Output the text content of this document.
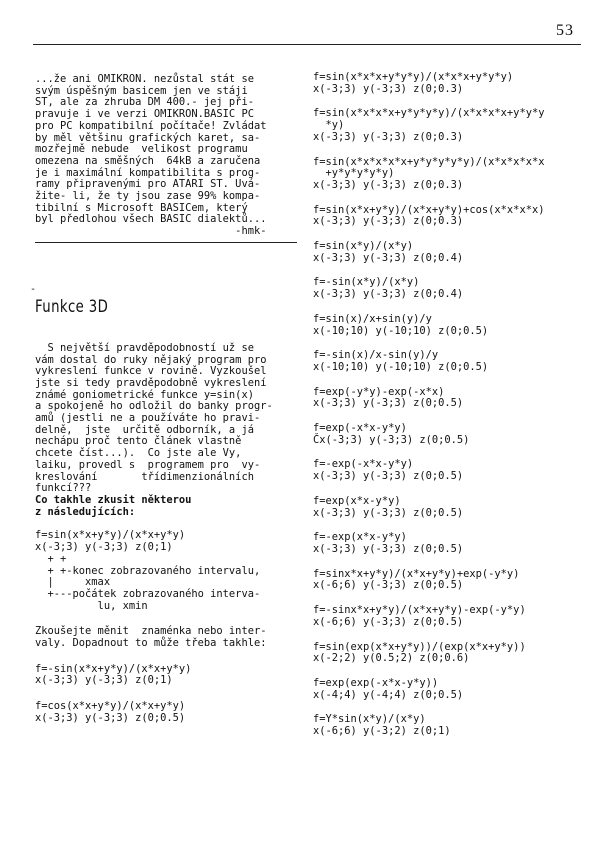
53
...že ani OMIKRON. nezůstal stát se
svým úspěšným basicem jen ve stáji
ST, ale za zhruba DM 400.- jej při-
pravuje i ve verzi OMIKRON.BASIC PC
pro PC kompatibilní počítače! Zvládat
by měl většinu grafických karet, sa-
mozřejmě nebude  velikost programu
omezena na směšných  64kB a zaručena
je i maximální kompatibilita s prog-
ramy připravenými pro ATARI ST. Uvá-
žite- li, že ty jsou zase 99% kompa-
tibilní s Microsoft BASICem, který
byl předlohou všech BASIC dialektů...
-hmk-
Funkce 3D
S největší pravděpodobností už se
vám dostal do ruky nějaký program pro
vykreslení funkce v rovině. Vyzkoušel
jste si tedy pravděpodobně vykreslení
známé goniometrické funkce y=sin(x)
a spokojeně ho odložil do banky progr-
amů (jestli ne a používáte ho pravi-
delně,  jste  určitě odborník, a já
nechápu proč tento článek vlastně
chcete číst...).  Co jste ale Vy,
laiku, provedl s  programem pro  vy-
kreslování       třídimenzionálních
funkcí???
Co takhle zkusit některou
z následujících:
f=sin(x*x+y*y)/(x*x+y*y)
x(-3;3) y(-3;3) z(0;1)
+ +
+ +-konec zobrazovaného intervalu,
|     xmax
+---počátek zobrazovaného interva-
lu, xmin
Zkoušejte měnit  znaménka nebo inter-
valy. Dopadnout to může třeba takhle:
f=-sin(x*x+y*y)/(x*x+y*y)
x(-3;3) y(-3;3) z(0;1)
f=cos(x*x+y*y)/(x*x+y*y)
x(-3;3) y(-3;3) z(0;0.5)
-
f=sin(x*x*x+y*y*y)/(x*x*x+y*y*y)
x(-3;3) y(-3;3) z(0;0.3)
f=sin(x*x*x*x+y*y*y*y)/(x*x*x*x+y*y*y
*y)
x(-3;3) y(-3;3) z(0;0.3)
f=sin(x*x*x*x*x+y*y*y*y*y)/(x*x*x*x*x
+y*y*y*y*y)
x(-3;3) y(-3;3) z(0;0.3)
f=sin(x*x+y*y)/(x*x+y*y)+cos(x*x*x*x)
x(-3;3) y(-3;3) z(0;0.3)
f=sin(x*y)/(x*y)
x(-3;3) y(-3;3) z(0;0.4)
f=-sin(x*y)/(x*y)
x(-3;3) y(-3;3) z(0;0.4)
f=sin(x)/x+sin(y)/y
x(-10;10) y(-10;10) z(0;0.5)
f=-sin(x)/x-sin(y)/y
x(-10;10) y(-10;10) z(0;0.5)
f=exp(-y*y)-exp(-x*x)
x(-3;3) y(-3;3) z(0;0.5)
f=exp(-x*x-y*y)
Čx(-3;3) y(-3;3) z(0;0.5)
f=-exp(-x*x-y*y)
x(-3;3) y(-3;3) z(0;0.5)
f=exp(x*x-y*y)
x(-3;3) y(-3;3) z(0;0.5)
f=-exp(x*x-y*y)
x(-3;3) y(-3;3) z(0;0.5)
f=sinx*x+y*y)/(x*x+y*y)+exp(-y*y)
x(-6;6) y(-3;3) z(0;0.5)
f=-sinx*x+y*y)/(x*x+y*y)-exp(-y*y)
x(-6;6) y(-3;3) z(0;0.5)
f=sin(exp(x*x+y*y))/(exp(x*x+y*y))
x(-2;2) y(0.5;2) z(0;0.6)
f=exp(exp(-x*x-y*y))
x(-4;4) y(-4;4) z(0;0.5)
f=Y*sin(x*y)/(x*y)
x(-6;6) y(-3;2) z(0;1)
